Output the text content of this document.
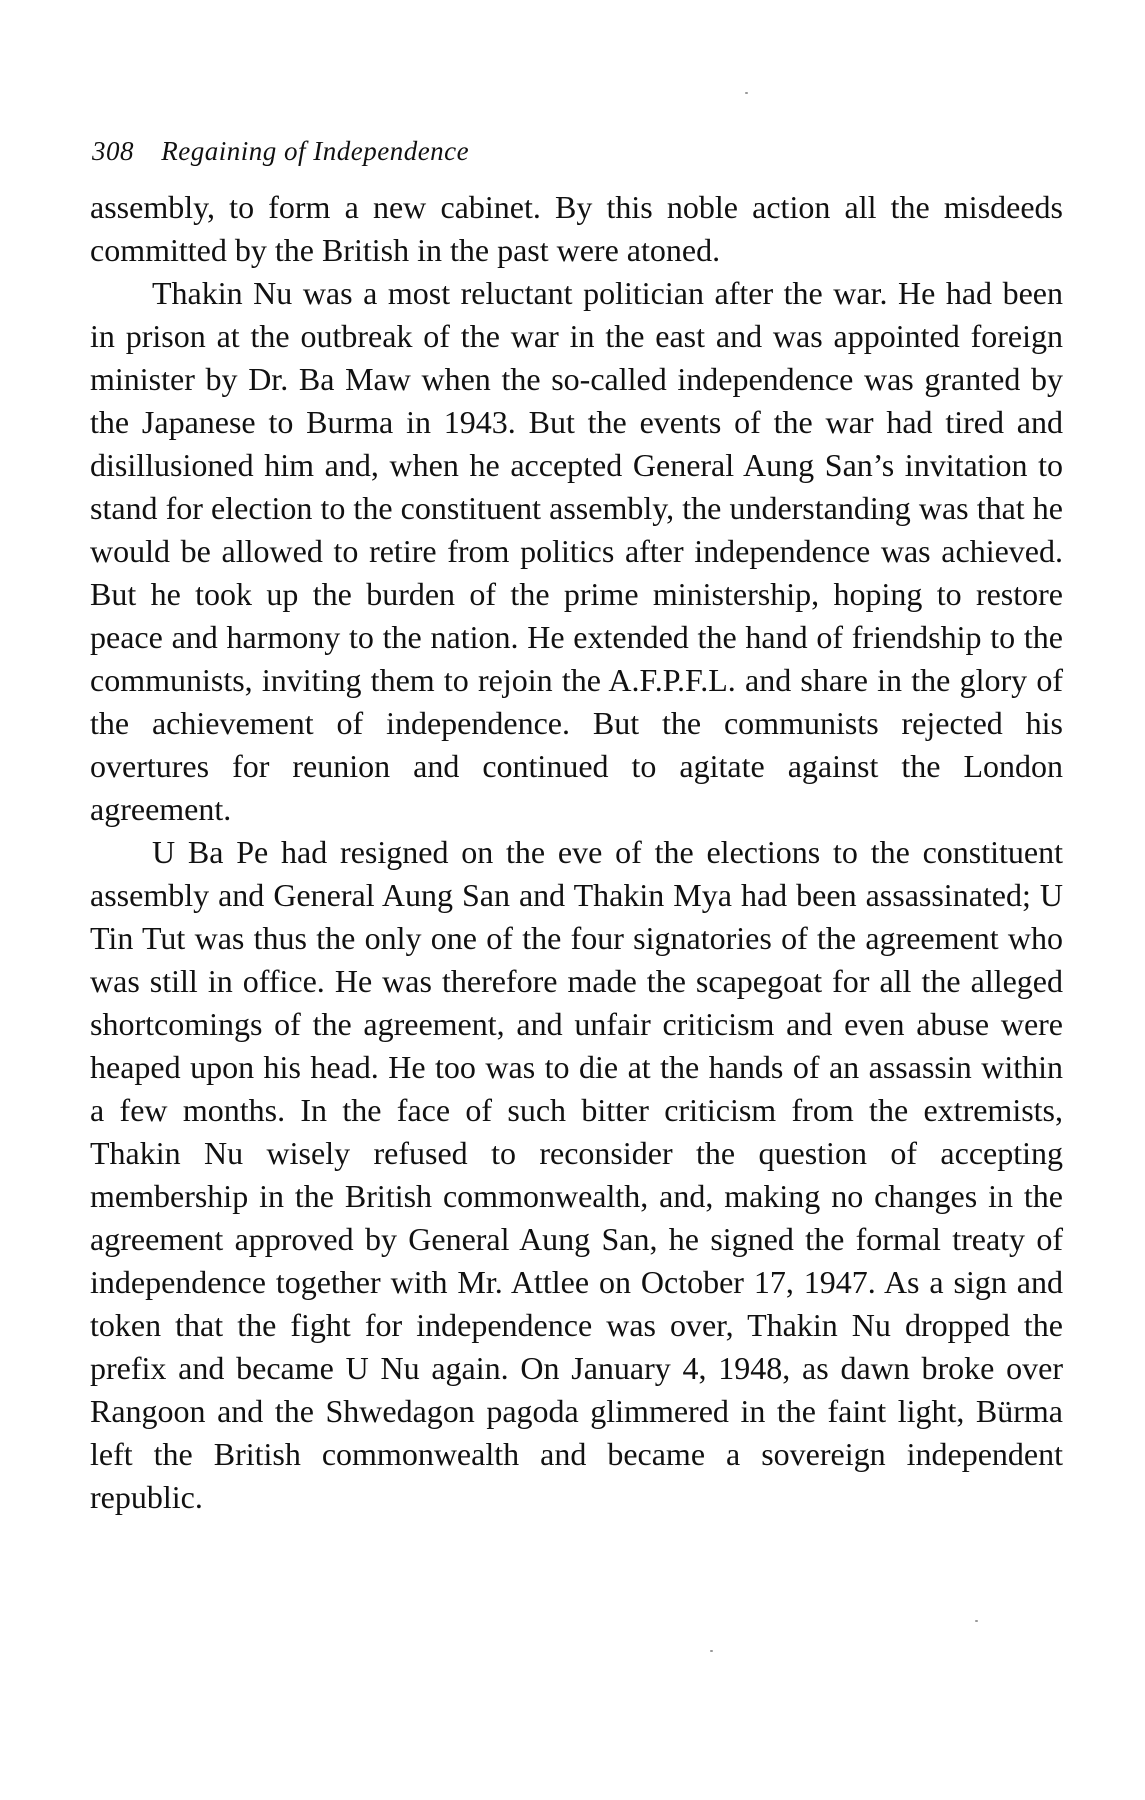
308 Regaining of Independence

assembly, to form a new cabinet. By this noble action all the misdeeds committed by the British in the past were atoned.

Thakin Nu was a most reluctant politician after the war. He had been in prison at the outbreak of the war in the east and was appointed foreign minister by Dr. Ba Maw when the so-called independence was granted by the Japanese to Burma in 1943. But the events of the war had tired and disillusioned him and, when he accepted General Aung San’s invitation to stand for election to the constituent assembly, the understanding was that he would be allowed to retire from politics after independence was achieved. But he took up the burden of the prime ministership, hoping to restore peace and harmony to the nation. He extended the hand of friendship to the communists, inviting them to rejoin the A.F.P.F.L. and share in the glory of the achievement of independence. But the communists rejected his overtures for reunion and continued to agitate against the London agreement.

U Ba Pe had resigned on the eve of the elections to the constituent assembly and General Aung San and Thakin Mya had been assassinated; U Tin Tut was thus the only one of the four signatories of the agreement who was still in office. He was therefore made the scapegoat for all the alleged shortcomings of the agreement, and unfair criticism and even abuse were heaped upon his head. He too was to die at the hands of an assassin within a few months. In the face of such bitter criticism from the extremists, Thakin Nu wisely refused to reconsider the question of accepting membership in the British commonwealth, and, making no changes in the agreement approved by General Aung San, he signed the formal treaty of independence together with Mr. Attlee on October 17, 1947. As a sign and token that the fight for independence was over, Thakin Nu dropped the prefix and became U Nu again. On January 4, 1948, as dawn broke over Rangoon and the Shwedagon pagoda glimmered in the faint light, Bürma left the British commonwealth and became a sovereign independent republic.
